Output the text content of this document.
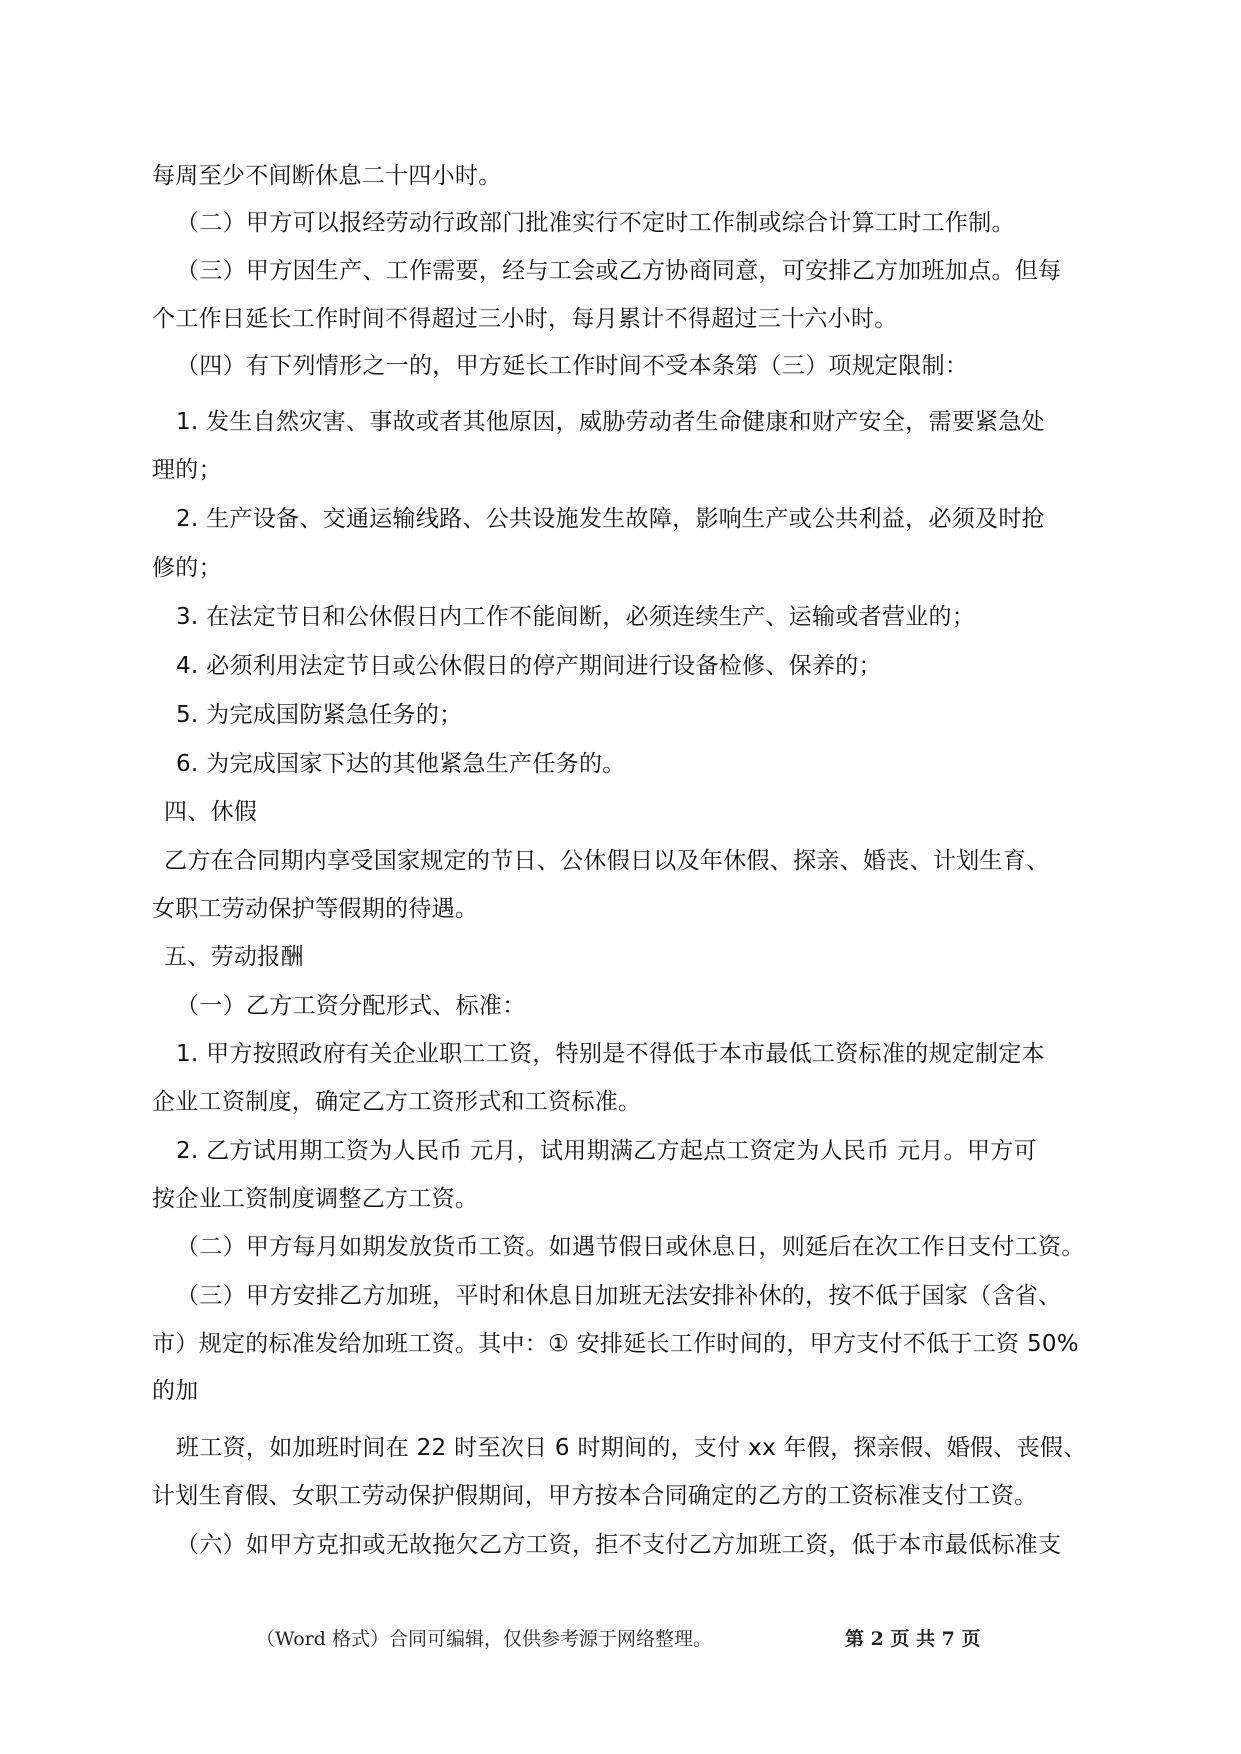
每周至少不间断休息二十四小时。
（二）甲方可以报经劳动行政部门批准实行不定时工作制或综合计算工时工作制。
（三）甲方因生产、工作需要，经与工会或乙方协商同意，可安排乙方加班加点。但每
个工作日延长工作时间不得超过三小时，每月累计不得超过三十六小时。
（四）有下列情形之一的，甲方延长工作时间不受本条第（三）项规定限制：
1. 发生自然灾害、事故或者其他原因，威胁劳动者生命健康和财产安全，需要紧急处
理的；
2. 生产设备、交通运输线路、公共设施发生故障，影响生产或公共利益，必须及时抢
修的；
3. 在法定节日和公休假日内工作不能间断，必须连续生产、运输或者营业的；
4. 必须利用法定节日或公休假日的停产期间进行设备检修、保养的；
5. 为完成国防紧急任务的；
6. 为完成国家下达的其他紧急生产任务的。
四、休假
乙方在合同期内享受国家规定的节日、公休假日以及年休假、探亲、婚丧、计划生育、
女职工劳动保护等假期的待遇。
五、劳动报酬
（一）乙方工资分配形式、标准：
1. 甲方按照政府有关企业职工工资，特别是不得低于本市最低工资标准的规定制定本
企业工资制度，确定乙方工资形式和工资标准。
2. 乙方试用期工资为人民币 元月，试用期满乙方起点工资定为人民币 元月。甲方可
按企业工资制度调整乙方工资。
（二）甲方每月如期发放货币工资。如遇节假日或休息日，则延后在次工作日支付工资。
（三）甲方安排乙方加班，平时和休息日加班无法安排补休的，按不低于国家（含省、
市）规定的标准发给加班工资。其中：① 安排延长工作时间的，甲方支付不低于工资 50%
的加
班工资，如加班时间在 22 时至次日 6 时期间的，支付 xx 年假，探亲假、婚假、丧假、
计划生育假、女职工劳动保护假期间，甲方按本合同确定的乙方的工资标准支付工资。
（六）如甲方克扣或无故拖欠乙方工资，拒不支付乙方加班工资，低于本市最低标准支
（Word 格式）合同可编辑，仅供参考源于网络整理。	第 2 页 共 7 页
